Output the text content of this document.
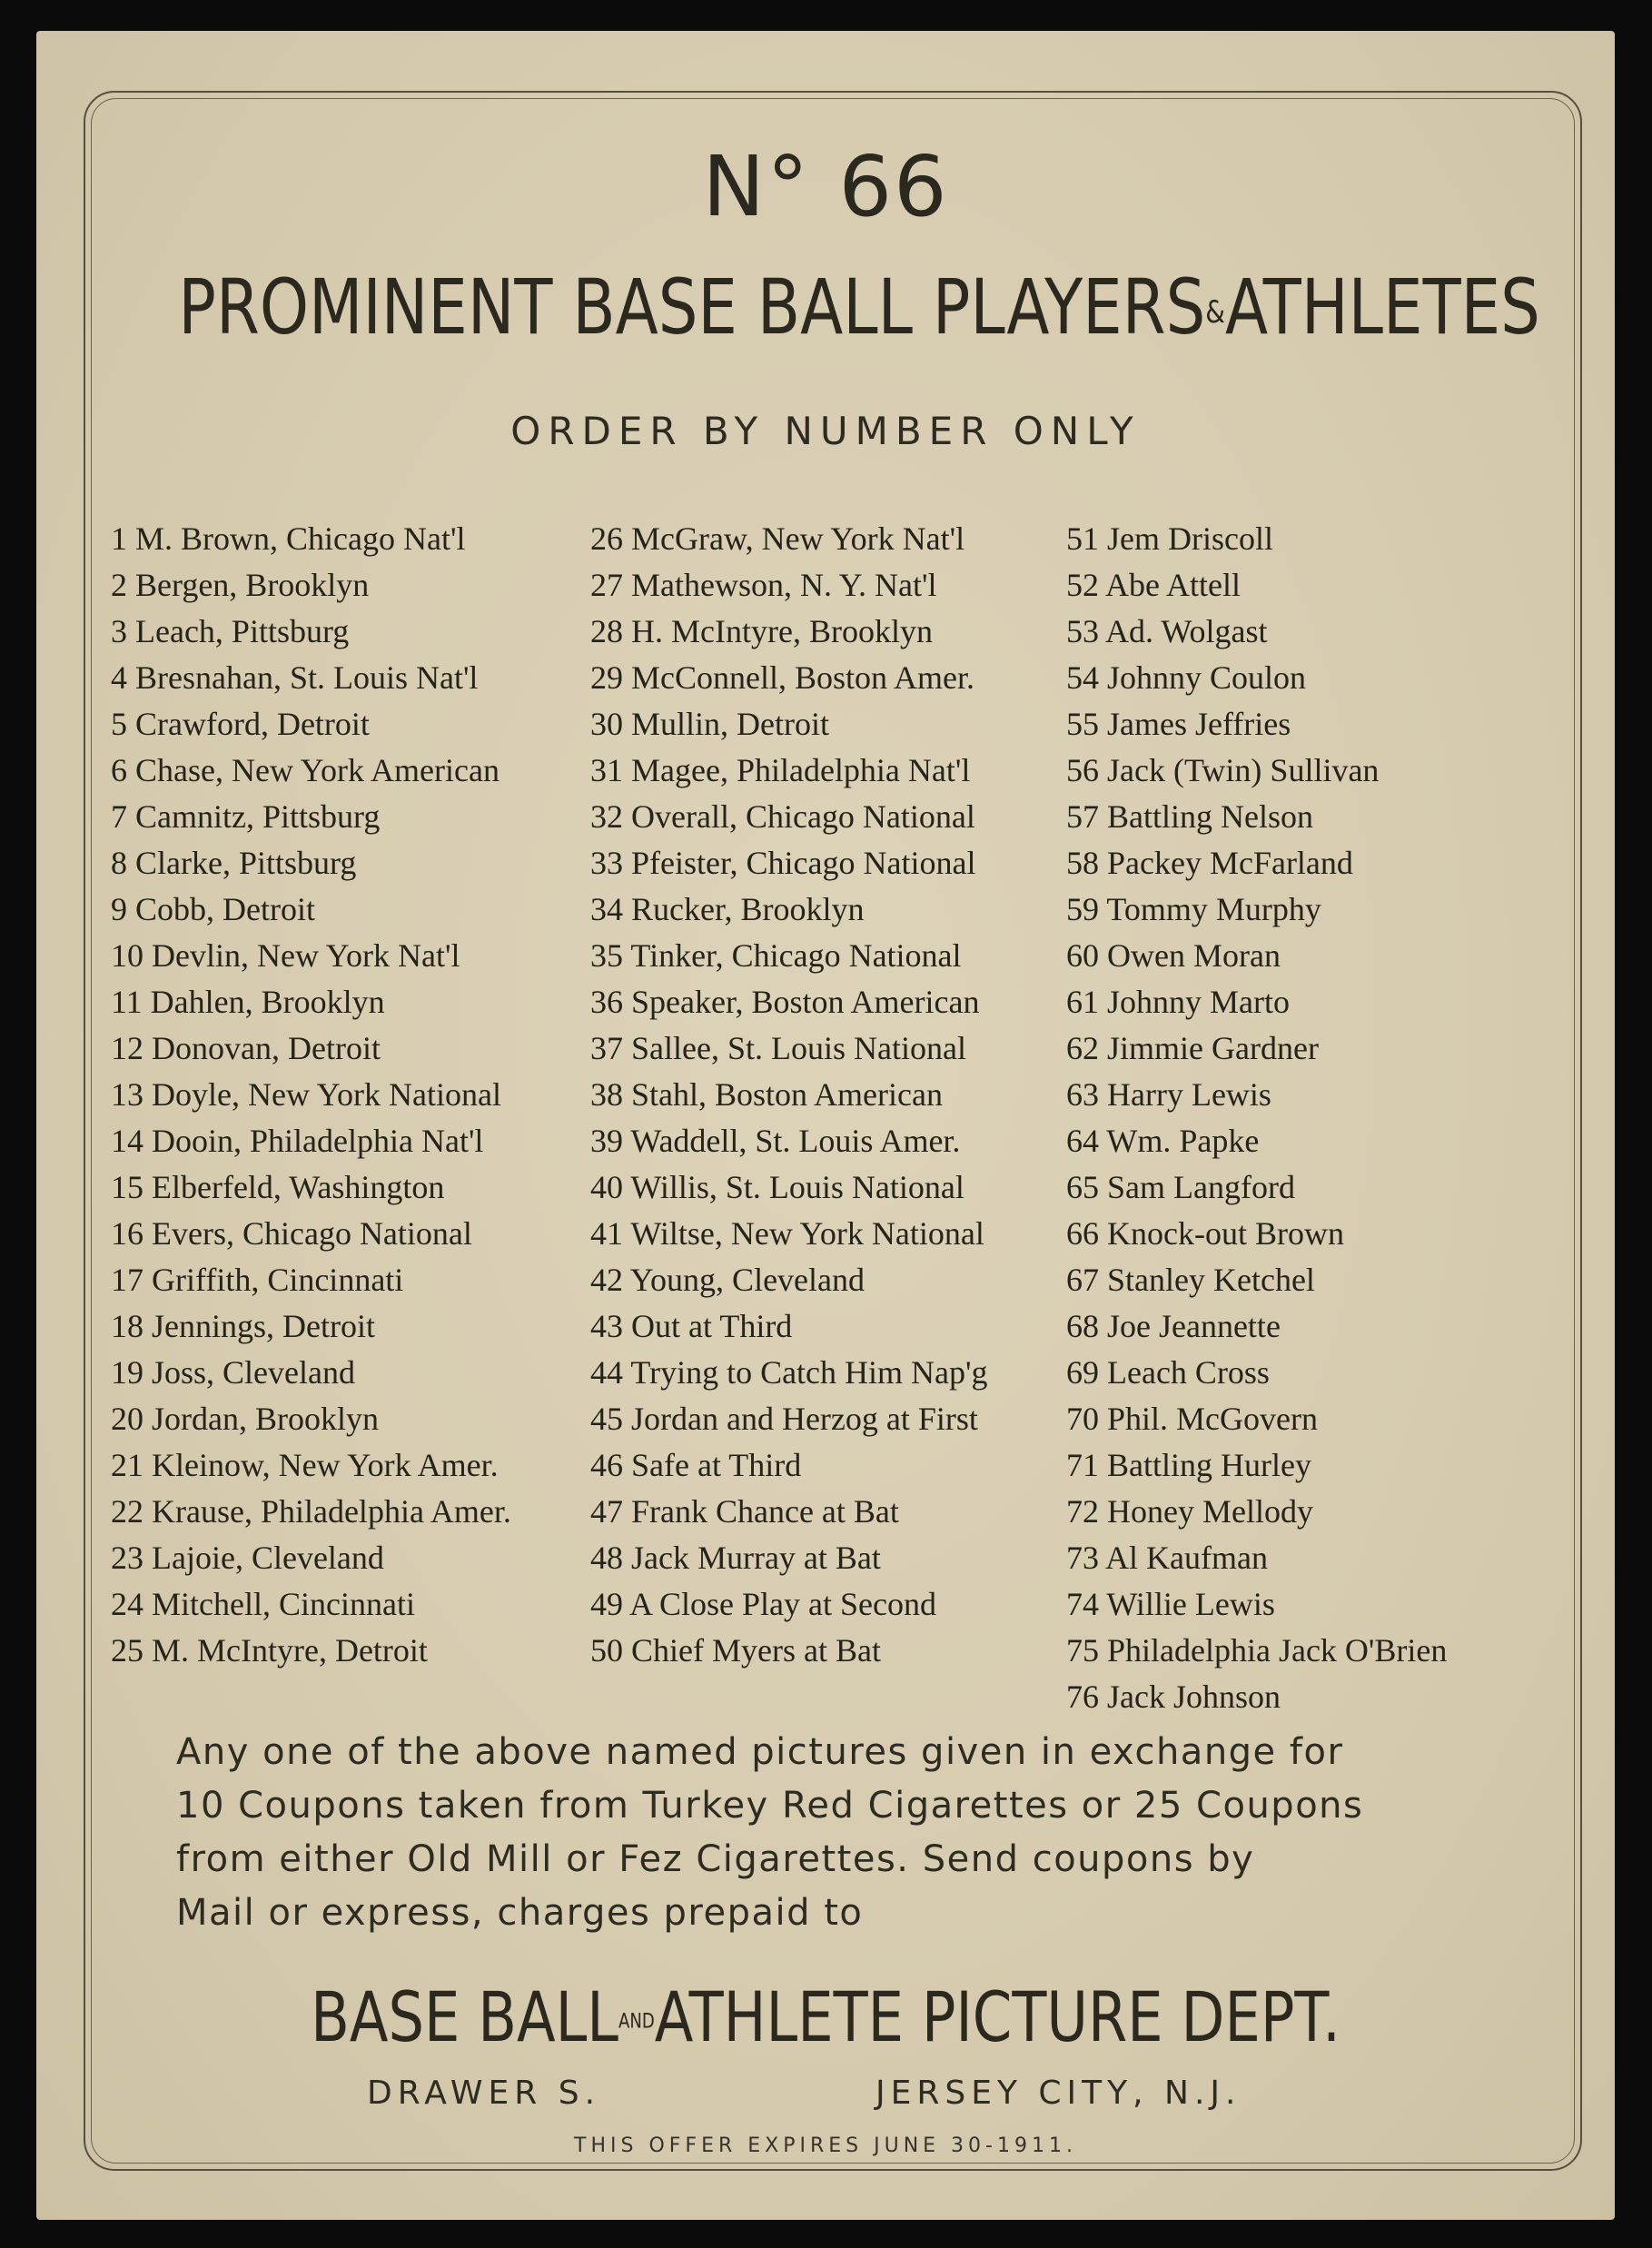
N° 66
PROMINENT BASE BALL PLAYERS&ATHLETES
ORDER BY NUMBER ONLY
1 M. Brown, Chicago Nat'l
2 Bergen, Brooklyn
3 Leach, Pittsburg
4 Bresnahan, St. Louis Nat'l
5 Crawford, Detroit
6 Chase, New York American
7 Camnitz, Pittsburg
8 Clarke, Pittsburg
9 Cobb, Detroit
10 Devlin, New York Nat'l
11 Dahlen, Brooklyn
12 Donovan, Detroit
13 Doyle, New York National
14 Dooin, Philadelphia Nat'l
15 Elberfeld, Washington
16 Evers, Chicago National
17 Griffith, Cincinnati
18 Jennings, Detroit
19 Joss, Cleveland
20 Jordan, Brooklyn
21 Kleinow, New York Amer.
22 Krause, Philadelphia Amer.
23 Lajoie, Cleveland
24 Mitchell, Cincinnati
25 M. McIntyre, Detroit
26 McGraw, New York Nat'l
27 Mathewson, N. Y. Nat'l
28 H. McIntyre, Brooklyn
29 McConnell, Boston Amer.
30 Mullin, Detroit
31 Magee, Philadelphia Nat'l
32 Overall, Chicago National
33 Pfeister, Chicago National
34 Rucker, Brooklyn
35 Tinker, Chicago National
36 Speaker, Boston American
37 Sallee, St. Louis National
38 Stahl, Boston American
39 Waddell, St. Louis Amer.
40 Willis, St. Louis National
41 Wiltse, New York National
42 Young, Cleveland
43 Out at Third
44 Trying to Catch Him Nap'g
45 Jordan and Herzog at First
46 Safe at Third
47 Frank Chance at Bat
48 Jack Murray at Bat
49 A Close Play at Second
50 Chief Myers at Bat
51 Jem Driscoll
52 Abe Attell
53 Ad. Wolgast
54 Johnny Coulon
55 James Jeffries
56 Jack (Twin) Sullivan
57 Battling Nelson
58 Packey McFarland
59 Tommy Murphy
60 Owen Moran
61 Johnny Marto
62 Jimmie Gardner
63 Harry Lewis
64 Wm. Papke
65 Sam Langford
66 Knock-out Brown
67 Stanley Ketchel
68 Joe Jeannette
69 Leach Cross
70 Phil. McGovern
71 Battling Hurley
72 Honey Mellody
73 Al Kaufman
74 Willie Lewis
75 Philadelphia Jack O'Brien
76 Jack Johnson
Any one of the above named pictures given in exchange for
10 Coupons taken from Turkey Red Cigarettes or 25 Coupons
from either Old Mill or Fez Cigarettes. Send coupons by
Mail or express, charges prepaid to
BASE BALLANDATHLETE PICTURE DEPT.
DRAWER S.	JERSEY CITY, N.J.
THIS OFFER EXPIRES JUNE 30-1911.
